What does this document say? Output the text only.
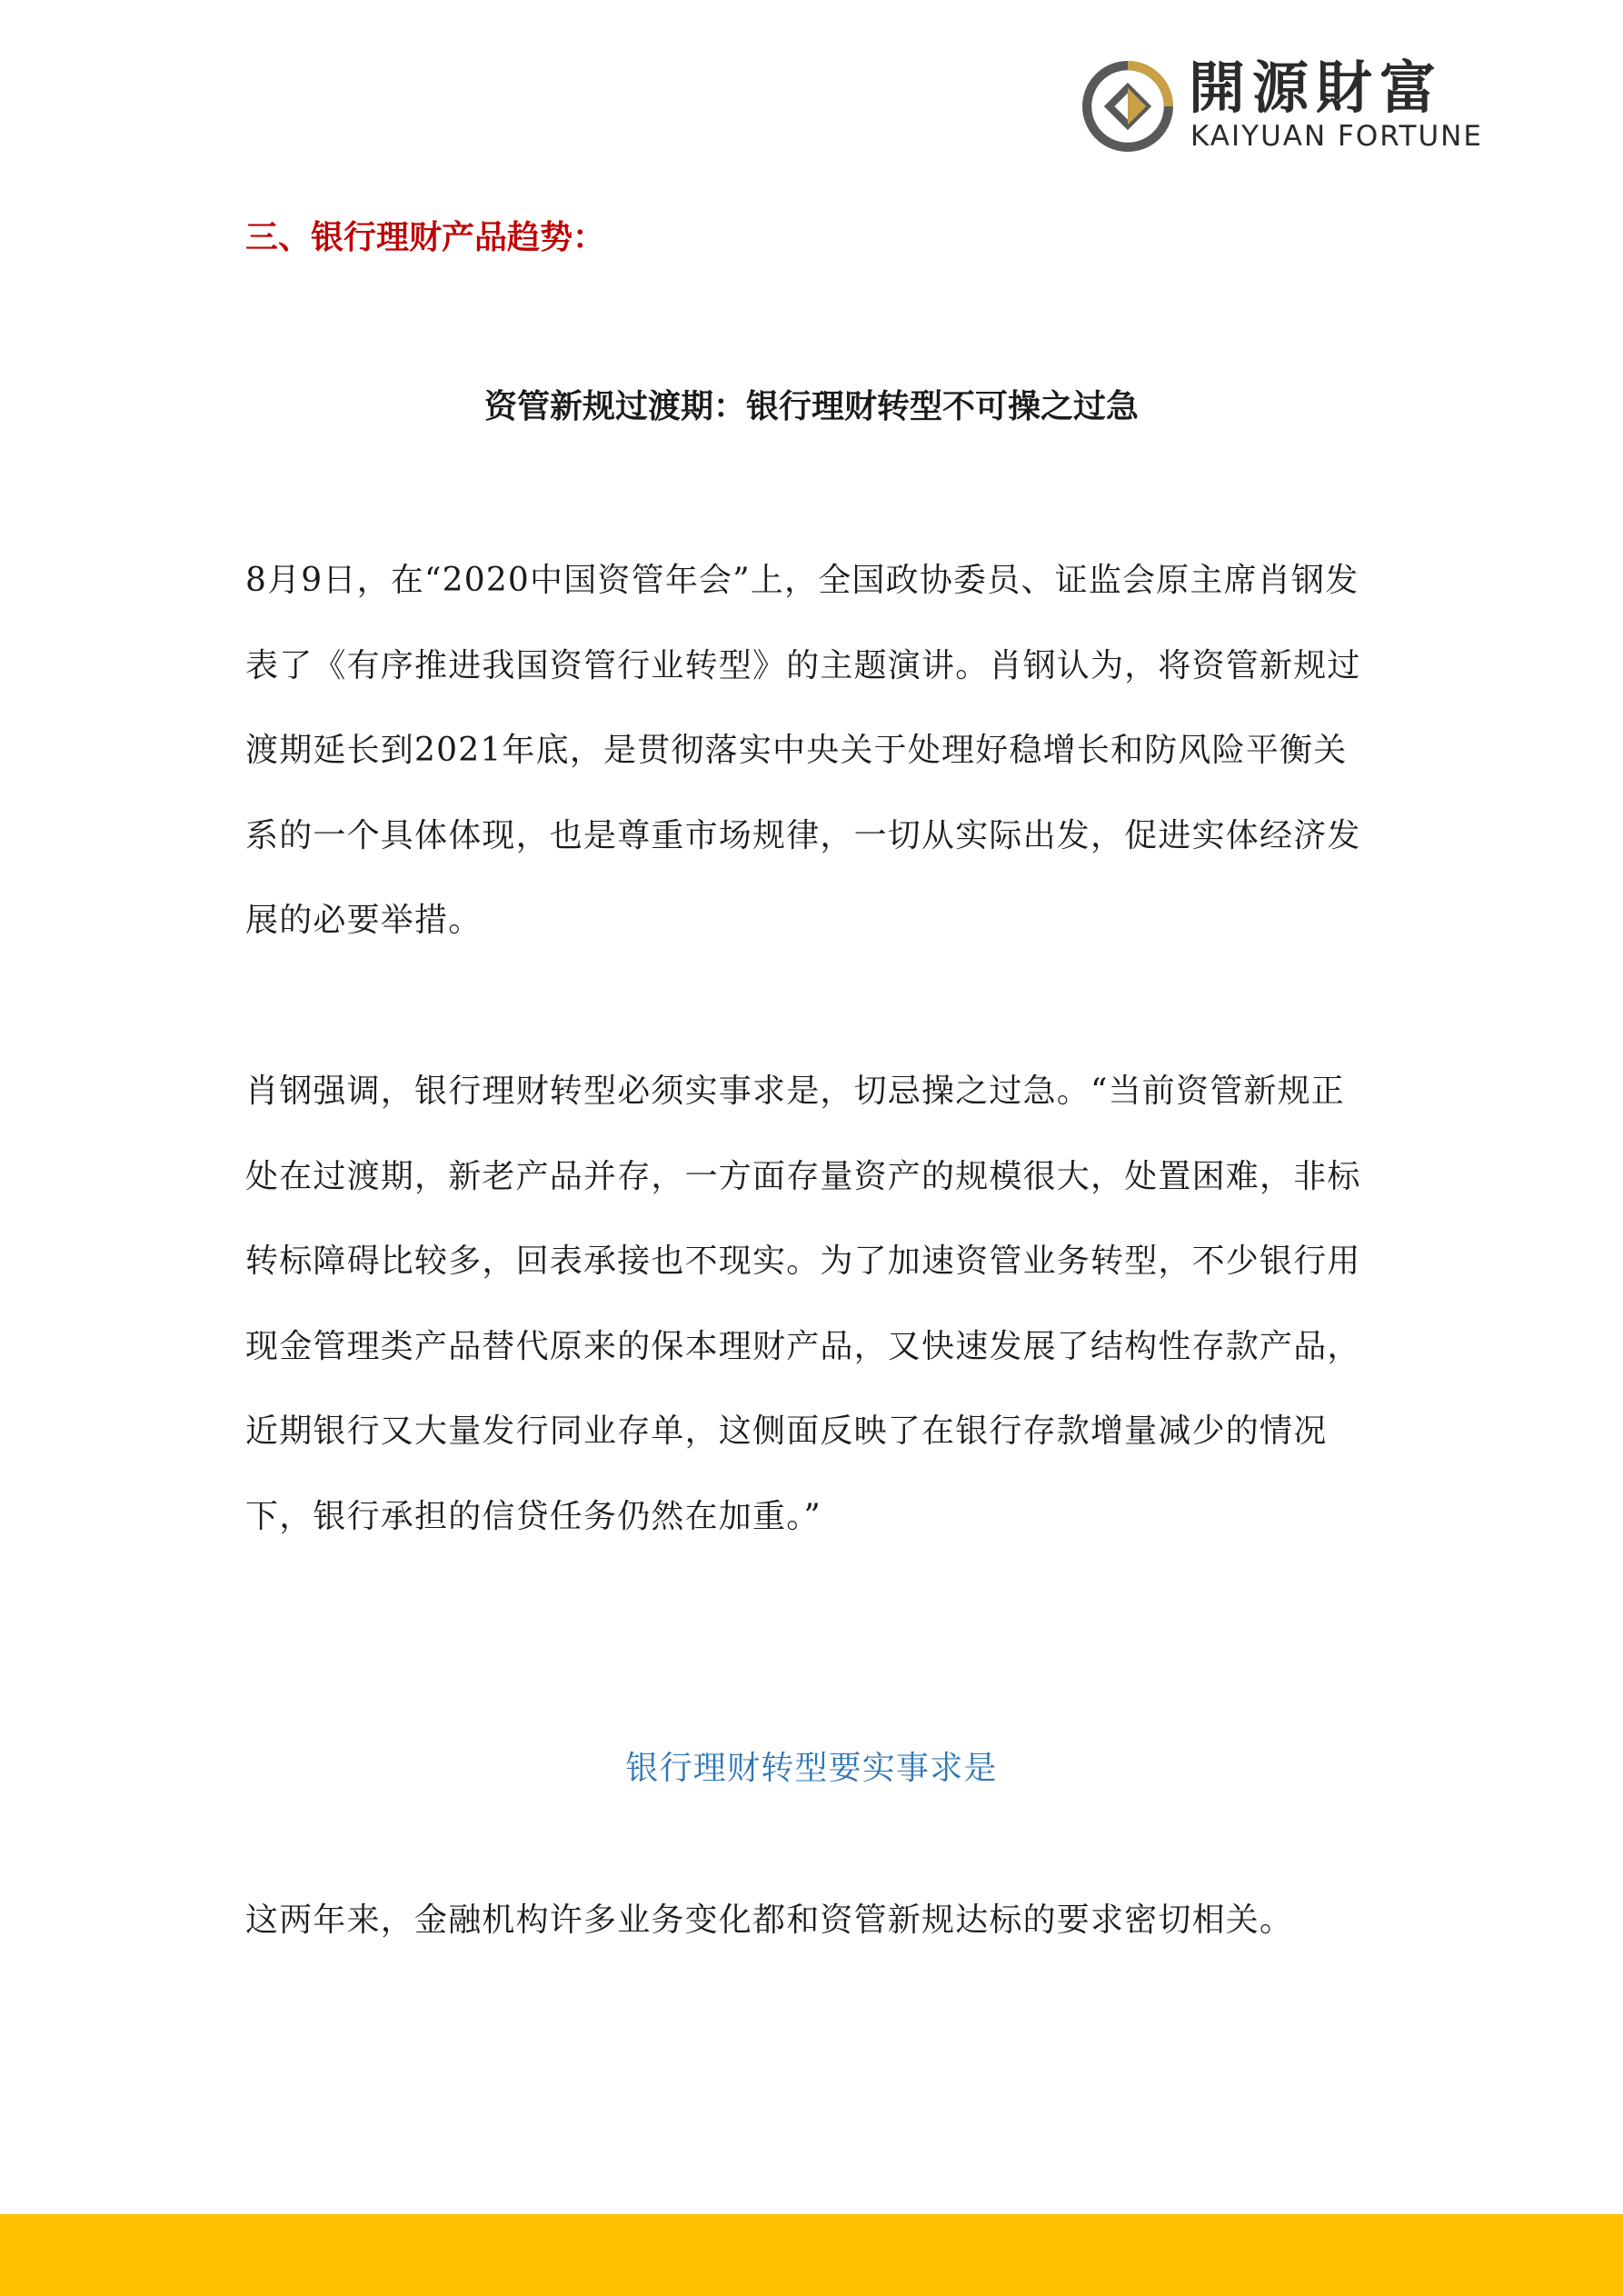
開源財富
KAIYUAN FORTUNE
三、银行理财产品趋势：
资管新规过渡期：银行理财转型不可操之过急

8月9日，在“2020中国资管年会”上，全国政协委员、证监会原主席肖钢发表了《有序推进我国资管行业转型》的主题演讲。肖钢认为，将资管新规过渡期延长到2021年底，是贯彻落实中央关于处理好稳增长和防风险平衡关系的一个具体体现，也是尊重市场规律，一切从实际出发，促进实体经济发展的必要举措。

肖钢强调，银行理财转型必须实事求是，切忌操之过急。“当前资管新规正处在过渡期，新老产品并存，一方面存量资产的规模很大，处置困难，非标转标障碍比较多，回表承接也不现实。为了加速资管业务转型，不少银行用现金管理类产品替代原来的保本理财产品，又快速发展了结构性存款产品，近期银行又大量发行同业存单，这侧面反映了在银行存款增量减少的情况下，银行承担的信贷任务仍然在加重。”

银行理财转型要实事求是

这两年来，金融机构许多业务变化都和资管新规达标的要求密切相关。
